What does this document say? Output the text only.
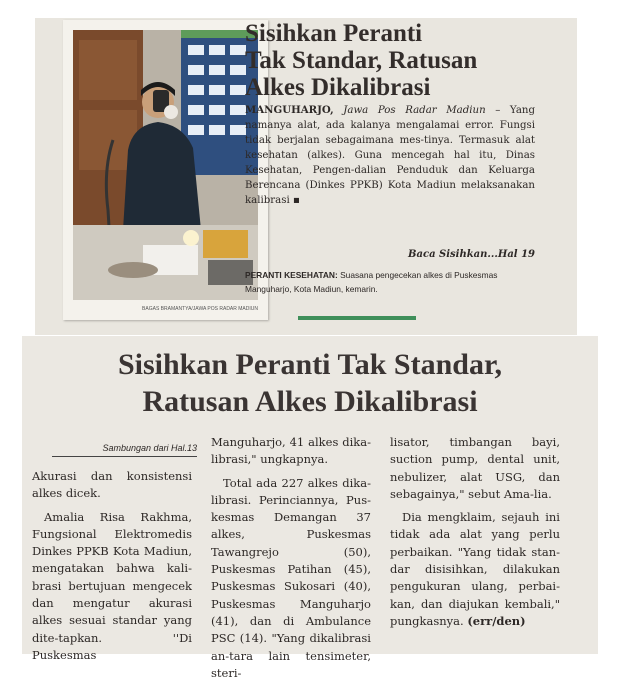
BAGAS BRAMANTYA/JAWA POS RADAR MADIUN
Sisihkan Peranti
Tak Standar, Ratusan
Alkes Dikalibrasi
MANGUHARJO, Jawa Pos Radar Madiun – Yang namanya alat, ada kalanya mengalamai error. Fungsi tidak berjalan sebagaimana mes-tinya. Termasuk alat kesehatan (alkes). Guna mencegah hal itu, Dinas Kesehatan, Pengen-dalian Penduduk dan Keluarga Berencana (Dinkes PPKB) Kota Madiun melaksanakan kalibrasi ▪
Baca Sisihkan...Hal 19
PERANTI KESEHATAN: Suasana pengecekan alkes di Puskesmas Manguharjo, Kota Madiun, kemarin.
Sisihkan Peranti Tak Standar,
Ratusan Alkes Dikalibrasi
Sambungan dari Hal.13

Akurasi dan konsistensi alkes dicek.

Amalia Risa Rakhma, Fungsional Elektromedis Dinkes PPKB Kota Madiun, mengatakan bahwa kali-brasi bertujuan mengecek dan mengatur akurasi alkes sesuai standar yang dite-tapkan. ''Di Puskesmas

Manguharjo, 41 alkes dika-librasi," ungkapnya.

Total ada 227 alkes dika-librasi. Perinciannya, Pus-kesmas Demangan 37 alkes, Puskesmas Tawangrejo (50), Puskesmas Patihan (45), Puskesmas Sukosari (40), Puskesmas Manguharjo (41), dan di Ambulance PSC (14). "Yang dikalibrasi an-tara lain tensimeter, steri-

lisator, timbangan bayi, suction pump, dental unit, nebulizer, alat USG, dan sebagainya," sebut Ama-lia.

Dia mengklaim, sejauh ini tidak ada alat yang perlu perbaikan. "Yang tidak stan-dar disisihkan, dilakukan pengukuran ulang, perbai-kan, dan diajukan kembali," pungkasnya. (err/den)
